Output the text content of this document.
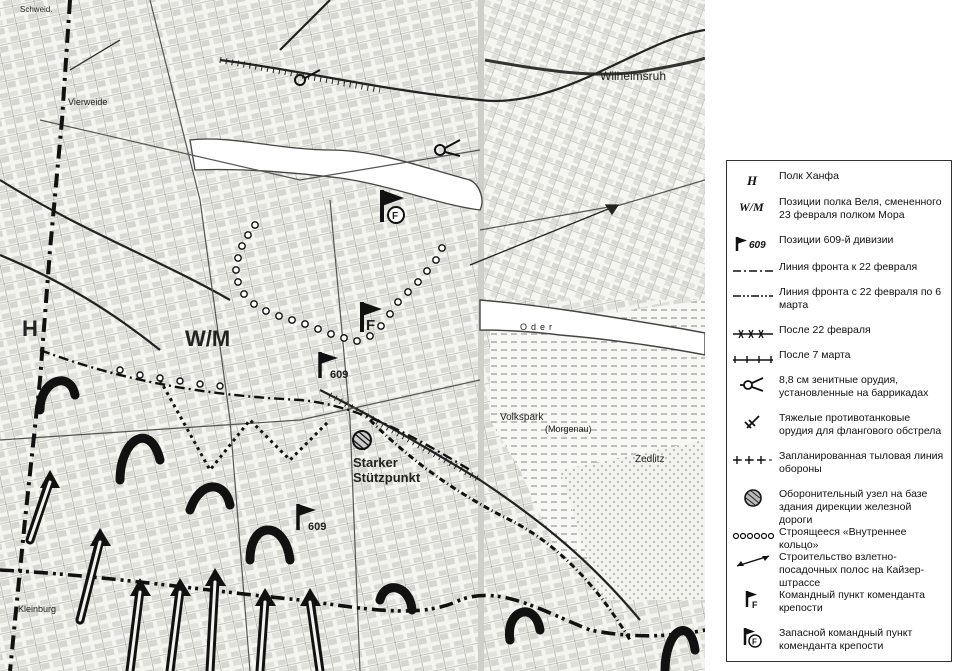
F
Wilhelmsruh
Vierweide
Oder
Volkspark
(Morgenau)
Zedlitz
Starker
Stützpunkt
W/M
H
609
609
Kleinburg
Schweid.
F
H Полк Ханфа
W/M Позиции полка Веля, смененного 23 февраля полком Мора
609 Позиции 609-й дивизии
Линия фронта к 22 февраля
Линия фронта с 22 февраля по 6 марта
После 22 февраля
После 7 марта
8,8 см зенитные орудия, установленные на баррикадах
Тяжелые противотанковые орудия для флангового обстрела
Запланированная тыловая линия обороны
Оборонительный узел на базе здания дирекции железной дороги
Строящееся «Внутреннее кольцо»
Строительство взлетно-посадочных полос на Кайзер-штрассе
F
Командный пункт коменданта крепости
F
Запасной командный пункт коменданта крепости
